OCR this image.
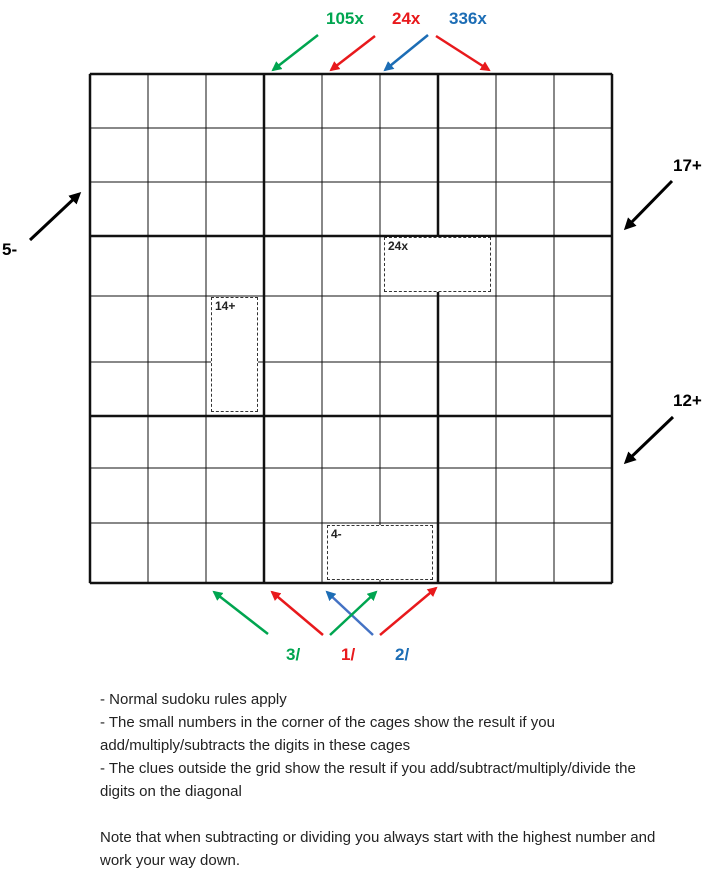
105x 24x 336x
5-
17+
12+
3/ 1/ 2/
24x
14+
4-

- Normal sudoku rules apply

- The small numbers in the corner of the cages show the result if you add/multiply/subtracts the digits in these cages

- The clues outside the grid show the result if you add/subtract/multiply/divide the digits on the diagonal

Note that when subtracting or dividing you always start with the highest number and work your way down.
